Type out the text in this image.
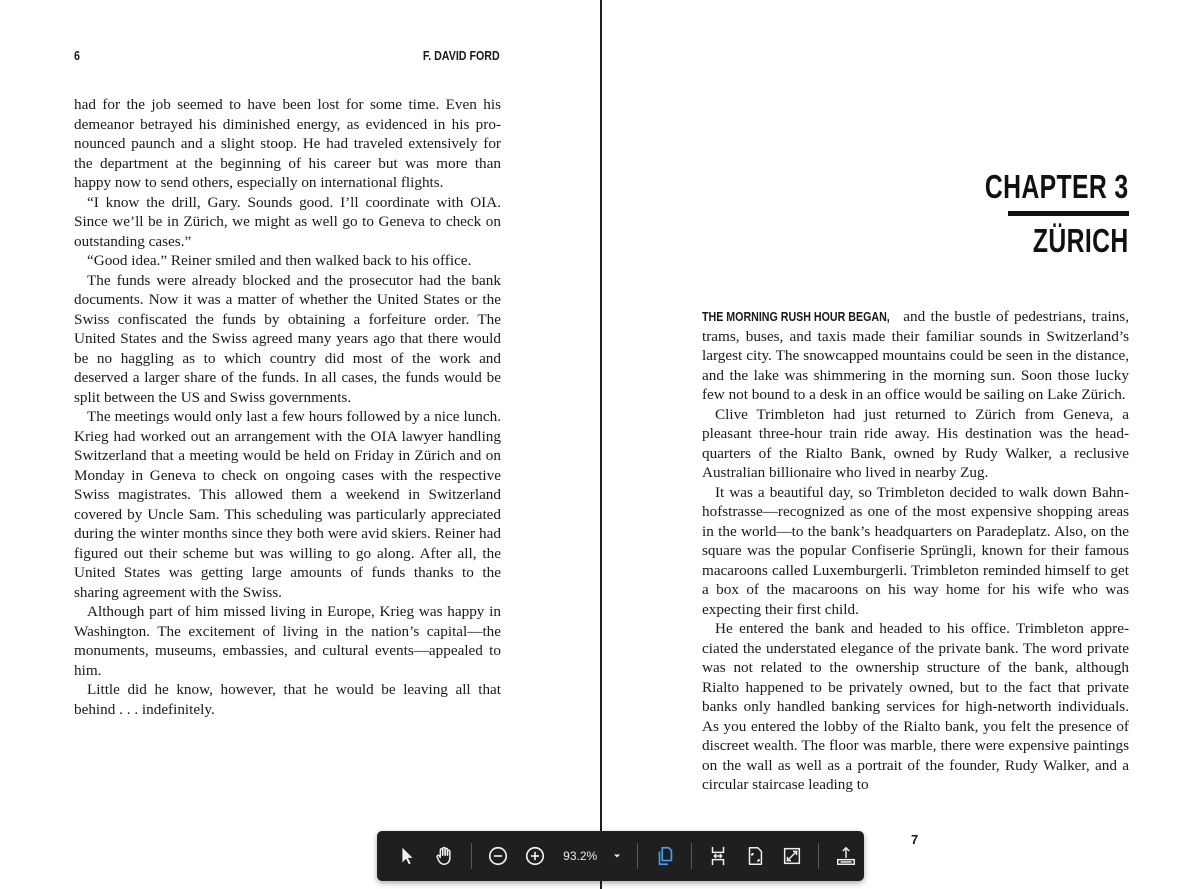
6	F. DAVID FORD

had for the job seemed to have been lost for some time. Even his demeanor betrayed his diminished energy, as evidenced in his pronounced paunch and a slight stoop. He had traveled extensively for the department at the beginning of his career but was more than happy now to send others, especially on international flights.

“I know the drill, Gary. Sounds good. I’ll coordinate with OIA. Since we’ll be in Zürich, we might as well go to Geneva to check on outstanding cases.”

“Good idea.” Reiner smiled and then walked back to his office.

The funds were already blocked and the prosecutor had the bank documents. Now it was a matter of whether the United States or the Swiss confiscated the funds by obtaining a forfeiture order. The United States and the Swiss agreed many years ago that there would be no haggling as to which country did most of the work and deserved a larger share of the funds. In all cases, the funds would be split between the US and Swiss governments.

The meetings would only last a few hours followed by a nice lunch. Krieg had worked out an arrangement with the OIA lawyer handling Switzerland that a meeting would be held on Friday in Zürich and on Monday in Geneva to check on ongoing cases with the respective Swiss magistrates. This allowed them a weekend in Switzerland covered by Uncle Sam. This scheduling was particularly appreciated during the winter months since they both were avid skiers. Reiner had figured out their scheme but was willing to go along. After all, the United States was getting large amounts of funds thanks to the sharing agreement with the Swiss.

Although part of him missed living in Europe, Krieg was happy in Washington. The excitement of living in the nation’s capital—the monuments, museums, embassies, and cultural events—appealed to him.

Little did he know, however, that he would be leaving all that behind . . . indefinitely.

CHAPTER 3
ZÜRICH

THE MORNING RUSH HOUR BEGAN, and the bustle of pedestrians, trains, trams, buses, and taxis made their familiar sounds in Switzerland’s largest city. The snowcapped mountains could be seen in the distance, and the lake was shimmering in the morning sun. Soon those lucky few not bound to a desk in an office would be sailing on Lake Zürich.

Clive Trimbleton had just returned to Zürich from Geneva, a pleasant three-hour train ride away. His destination was the headquarters of the Rialto Bank, owned by Rudy Walker, a reclusive Australian billionaire who lived in nearby Zug.

It was a beautiful day, so Trimbleton decided to walk down Bahnhofstrasse—recognized as one of the most expensive shopping areas in the world—to the bank’s headquarters on Paradeplatz. Also, on the square was the popular Confiserie Sprüngli, known for their famous macaroons called Luxemburgerli. Trimbleton reminded himself to get a box of the macaroons on his way home for his wife who was expecting their first child.

He entered the bank and headed to his office. Trimbleton appreciated the understated elegance of the private bank. The word private was not related to the ownership structure of the bank, although Rialto happened to be privately owned, but to the fact that private banks only handled banking services for high-networth individuals. As you entered the lobby of the Rialto bank, you felt the presence of discreet wealth. The floor was marble, there were expensive paintings on the wall as well as a portrait of the founder, Rudy Walker, and a circular staircase leading to

7
93.2%
